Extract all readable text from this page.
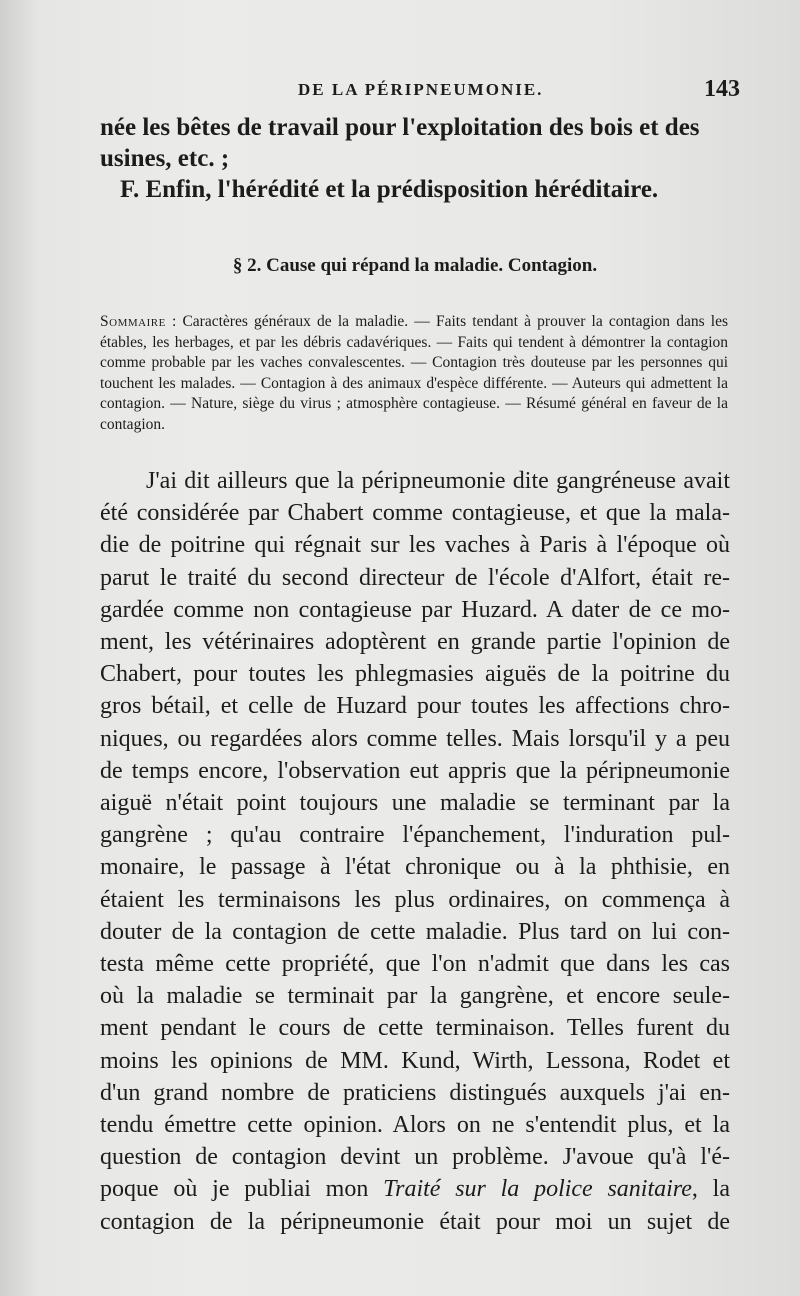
DE LA PÉRIPNEUMONIE.	143
née les bêtes de travail pour l'exploitation des bois et des
usines, etc. ;
F. Enfin, l'hérédité et la prédisposition héréditaire.
§ 2. Cause qui répand la maladie. Contagion.
Sommaire : Caractères généraux de la maladie. — Faits tendant à prouver la contagion dans les étables, les herbages, et par les débris cadavériques. — Faits qui tendent à démontrer la contagion comme probable par les vaches convalescentes. — Contagion très douteuse par les personnes qui touchent les malades. — Contagion à des animaux d'espèce différente. — Auteurs qui admettent la contagion. — Nature, siège du virus ; atmosphère contagieuse. — Résumé général en faveur de la contagion.
J'ai dit ailleurs que la péripneumonie dite gangréneuse avait
été considérée par Chabert comme contagieuse, et que la mala-
die de poitrine qui régnait sur les vaches à Paris à l'époque où
parut le traité du second directeur de l'école d'Alfort, était re-
gardée comme non contagieuse par Huzard. A dater de ce mo-
ment, les vétérinaires adoptèrent en grande partie l'opinion de
Chabert, pour toutes les phlegmasies aiguës de la poitrine du
gros bétail, et celle de Huzard pour toutes les affections chro-
niques, ou regardées alors comme telles. Mais lorsqu'il y a peu
de temps encore, l'observation eut appris que la péripneumonie
aiguë n'était point toujours une maladie se terminant par la
gangrène ; qu'au contraire l'épanchement, l'induration pul-
monaire, le passage à l'état chronique ou à la phthisie, en
étaient les terminaisons les plus ordinaires, on commença à
douter de la contagion de cette maladie. Plus tard on lui con-
testa même cette propriété, que l'on n'admit que dans les cas
où la maladie se terminait par la gangrène, et encore seule-
ment pendant le cours de cette terminaison. Telles furent du
moins les opinions de MM. Kund, Wirth, Lessona, Rodet et
d'un grand nombre de praticiens distingués auxquels j'ai en-
tendu émettre cette opinion. Alors on ne s'entendit plus, et la
question de contagion devint un problème. J'avoue qu'à l'é-
poque où je publiai mon Traité sur la police sanitaire, la
contagion de la péripneumonie était pour moi un sujet de
